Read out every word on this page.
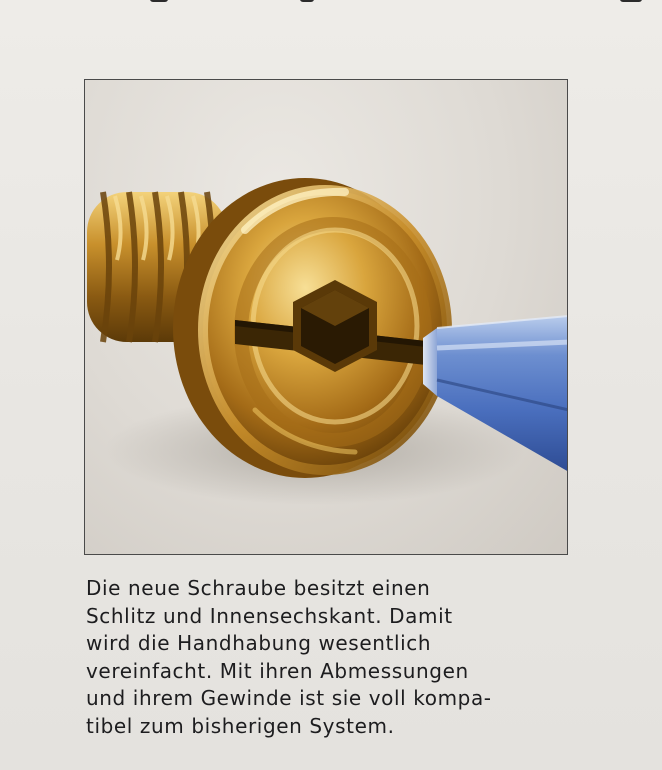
Die neue Schraube besitzt einen
Schlitz und Innensechskant. Damit
wird die Handhabung wesentlich
vereinfacht. Mit ihren Abmessungen
und ihrem Gewinde ist sie voll kompa-
tibel zum bisherigen System.
